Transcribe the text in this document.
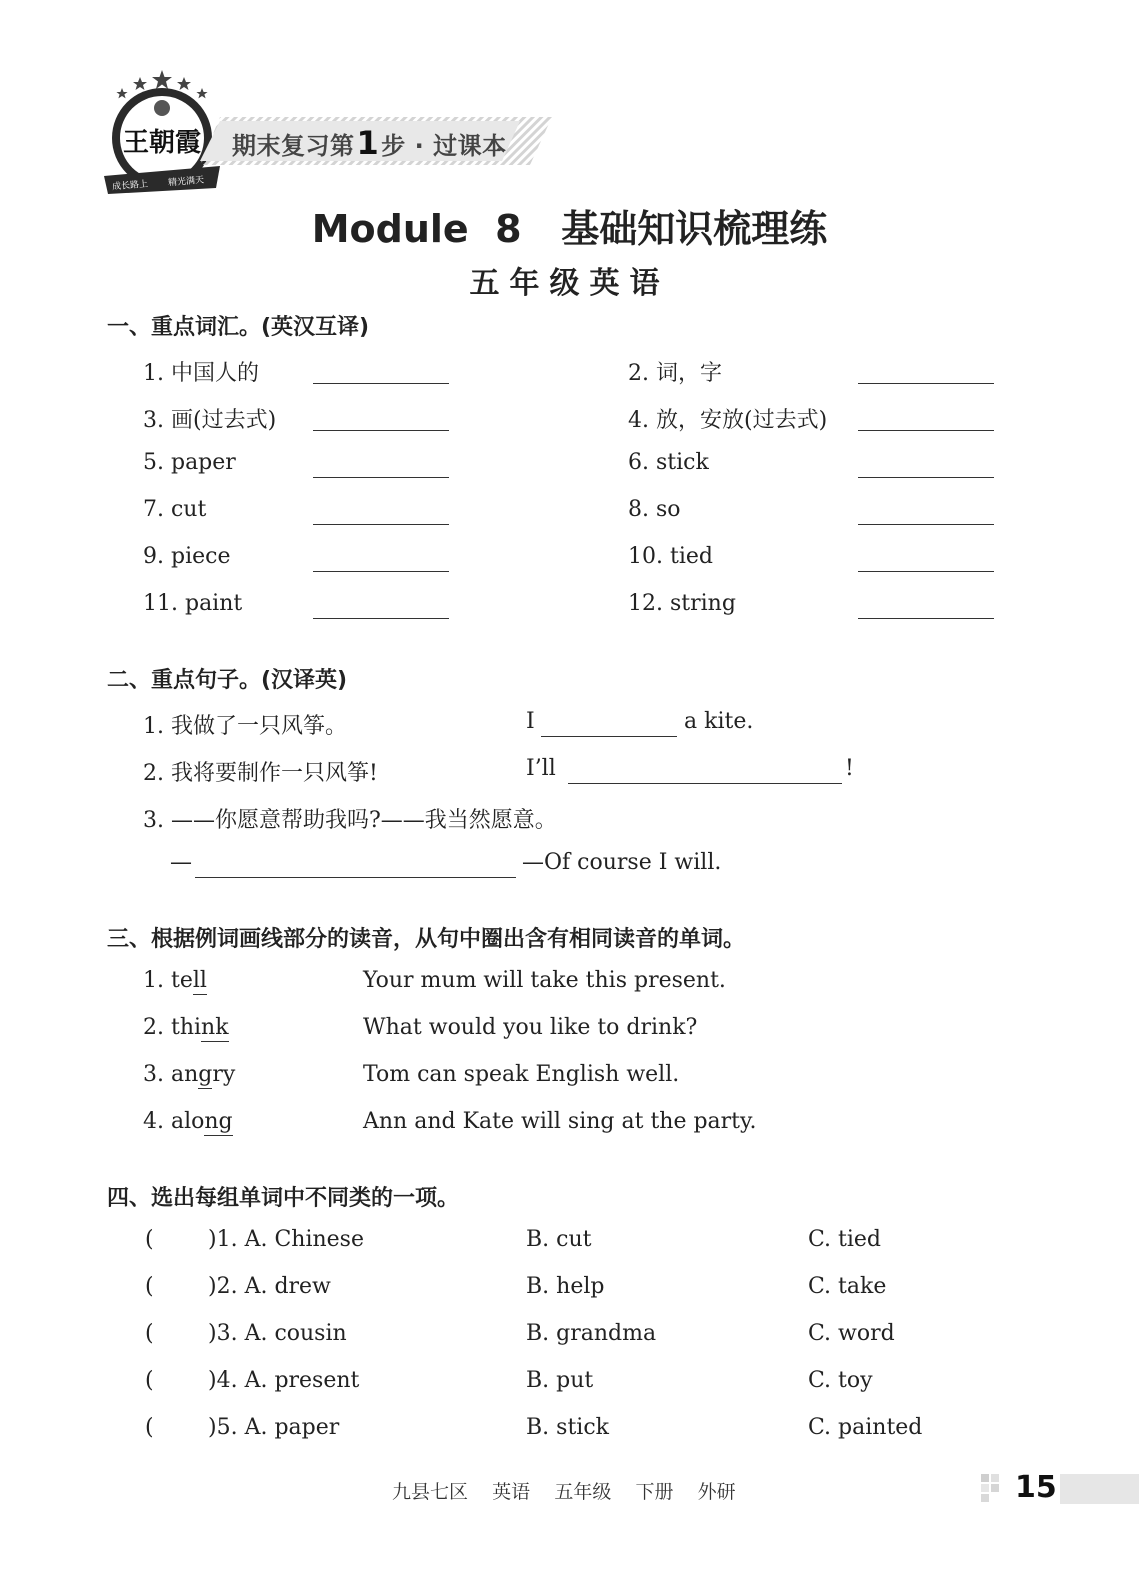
王朝霞
成长路上 精光满天
期末复习第1步 · 过课本
Module  8   基础知识梳理练
五年级英语
一、重点词汇。(英汉互译)
1. 中国人的	2. 词，字
3. 画(过去式)	4. 放，安放(过去式)
5. paper	6. stick
7. cut	8. so
9. piece	10. tied
11. paint	12. string
二、重点句子。(汉译英)
1. 我做了一只风筝。	I	a kite.
2. 我将要制作一只风筝!	I’ll	!
3. ——你愿意帮助我吗?——我当然愿意。
—	—Of course I will.
三、根据例词画线部分的读音，从句中圈出含有相同读音的单词。
1. tell	Your mum will take this present.
2. think	What would you like to drink?
3. angry	Tom can speak English well.
4. along	Ann and Kate will sing at the party.
四、选出每组单词中不同类的一项。
( )1. A. Chinese	B. cut	C. tied
( )2. A. drew	B. help	C. take
( )3. A. cousin	B. grandma	C. word
( )4. A. present	B. put	C. toy
( )5. A. paper	B. stick	C. painted
九县七区    英语    五年级    下册    外研	15
